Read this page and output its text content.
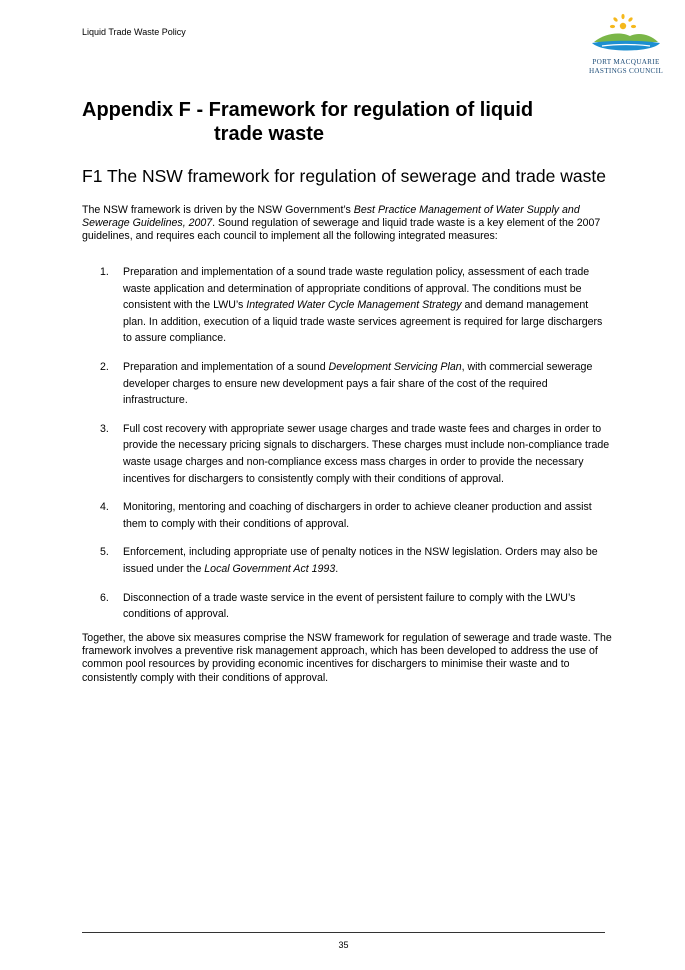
Liquid Trade Waste Policy
PORT MACQUARIE
HASTINGS COUNCIL
Appendix F - Framework for regulation of liquid
trade waste
F1 The NSW framework for regulation of sewerage and trade waste

The NSW framework is driven by the NSW Government’s Best Practice Management of Water Supply and Sewerage Guidelines, 2007. Sound regulation of sewerage and liquid trade waste is a key element of the 2007 guidelines, and requires each council to implement all the following integrated measures:

1. Preparation and implementation of a sound trade waste regulation policy, assessment of each trade waste application and determination of appropriate conditions of approval. The conditions must be consistent with the LWU’s Integrated Water Cycle Management Strategy and demand management plan. In addition, execution of a liquid trade waste services agreement is required for large dischargers to assure compliance.
2. Preparation and implementation of a sound Development Servicing Plan, with commercial sewerage developer charges to ensure new development pays a fair share of the cost of the required infrastructure.
3. Full cost recovery with appropriate sewer usage charges and trade waste fees and charges in order to provide the necessary pricing signals to dischargers. These charges must include non-compliance trade waste usage charges and non-compliance excess mass charges in order to provide the necessary incentives for dischargers to consistently comply with their conditions of approval.
4. Monitoring, mentoring and coaching of dischargers in order to achieve cleaner production and assist them to comply with their conditions of approval.
5. Enforcement, including appropriate use of penalty notices in the NSW legislation. Orders may also be issued under the Local Government Act 1993.
6. Disconnection of a trade waste service in the event of persistent failure to comply with the LWU’s conditions of approval.

Together, the above six measures comprise the NSW framework for regulation of sewerage and trade waste. The framework involves a preventive risk management approach, which has been developed to address the use of common pool resources by providing economic incentives for dischargers to minimise their waste and to consistently comply with their conditions of approval.

35
